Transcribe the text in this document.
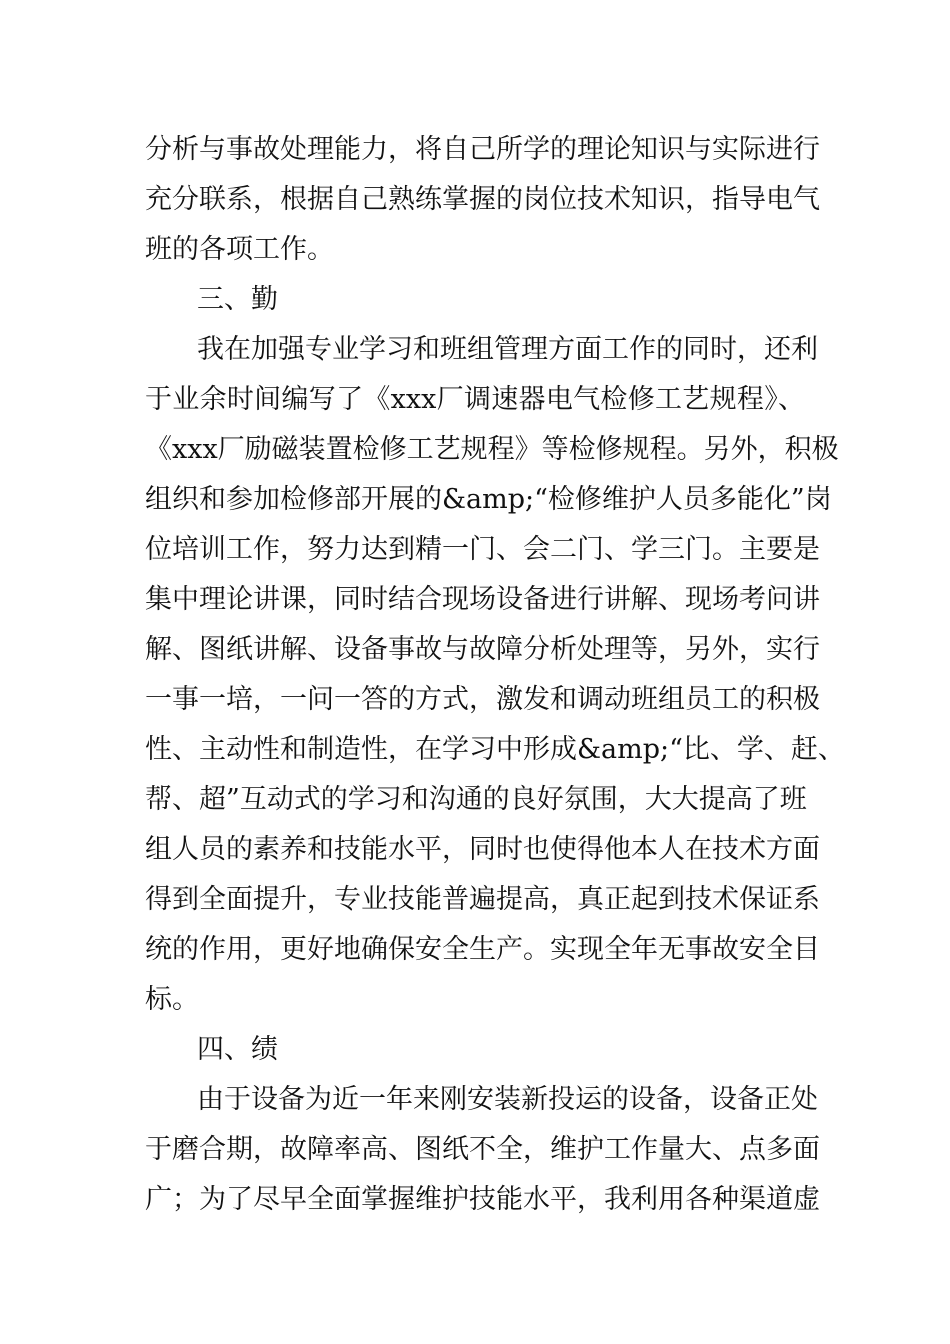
分析与事故处理能力，将自己所学的理论知识与实际进行
充分联系，根据自己熟练掌握的岗位技术知识，指导电气
班的各项工作。
三、勤
我在加强专业学习和班组管理方面工作的同时，还利
于业余时间编写了《xxx厂调速器电气检修工艺规程》、
《xxx厂励磁装置检修工艺规程》等检修规程。另外，积极
组织和参加检修部开展的&amp;“检修维护人员多能化”岗
位培训工作，努力达到精一门、会二门、学三门。主要是
集中理论讲课，同时结合现场设备进行讲解、现场考问讲
解、图纸讲解、设备事故与故障分析处理等，另外，实行
一事一培，一问一答的方式，激发和调动班组员工的积极
性、主动性和制造性，在学习中形成&amp;“比、学、赶、
帮、超”互动式的学习和沟通的良好氛围，大大提高了班
组人员的素养和技能水平，同时也使得他本人在技术方面
得到全面提升，专业技能普遍提高，真正起到技术保证系
统的作用，更好地确保安全生产。实现全年无事故安全目
标。
四、绩
由于设备为近一年来刚安装新投运的设备，设备正处
于磨合期，故障率高、图纸不全，维护工作量大、点多面
广；为了尽早全面掌握维护技能水平，我利用各种渠道虚
